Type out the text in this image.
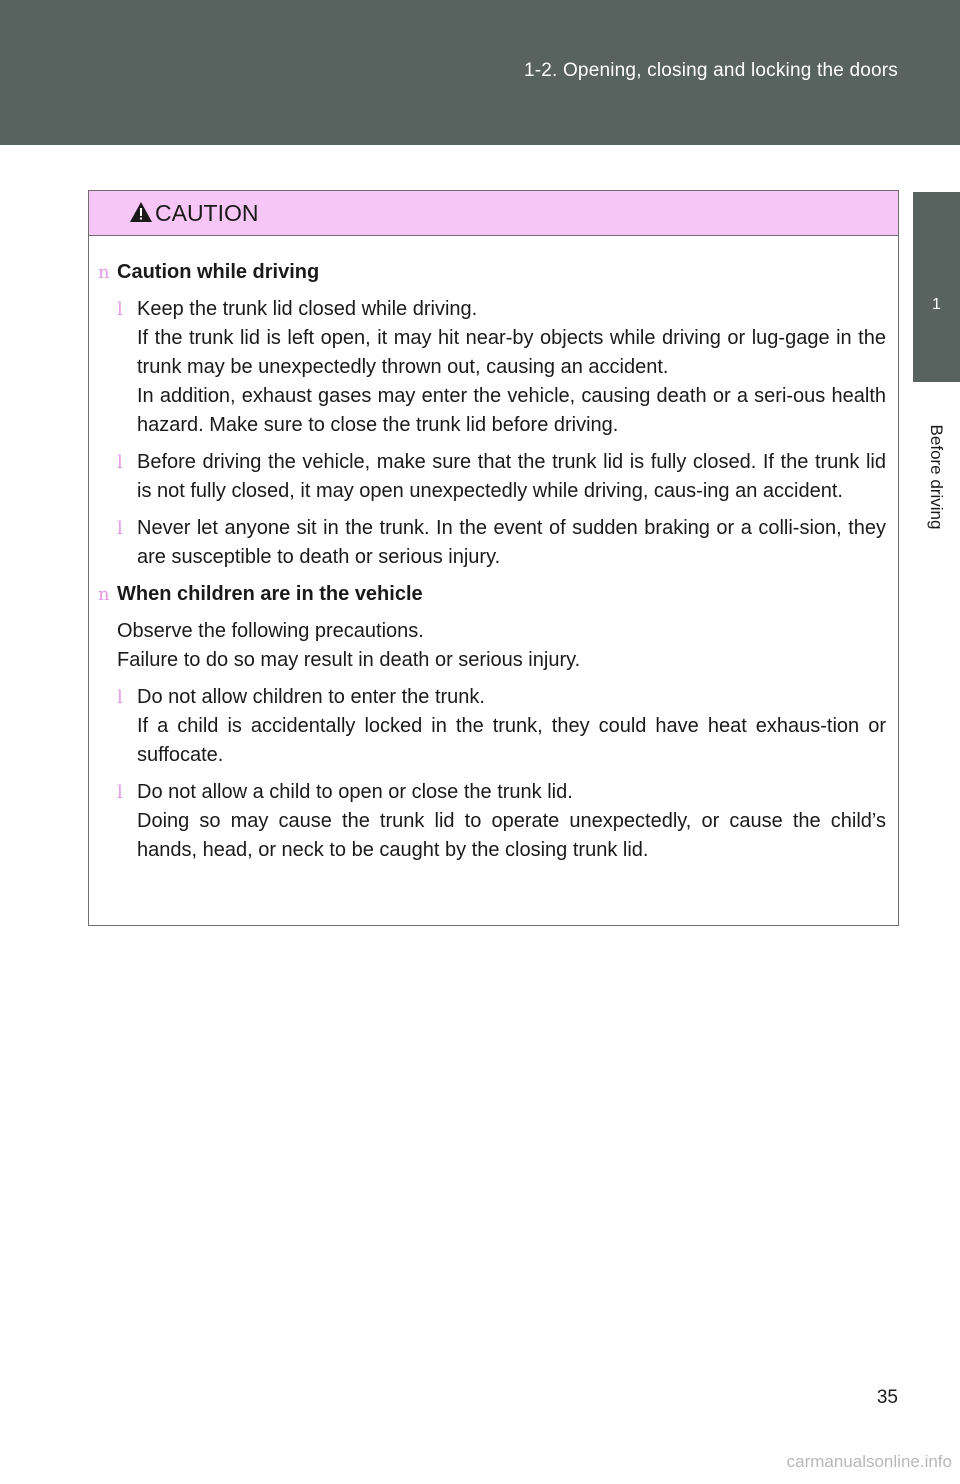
1-2. Opening, closing and locking the doors
1
Before driving
CAUTION
n Caution while driving
l Keep the trunk lid closed while driving.

If the trunk lid is left open, it may hit near-by objects while driving or lug-gage in the trunk may be unexpectedly thrown out, causing an accident.

In addition, exhaust gases may enter the vehicle, causing death or a seri-ous health hazard. Make sure to close the trunk lid before driving.

l Before driving the vehicle, make sure that the trunk lid is fully closed. If the trunk lid is not fully closed, it may open unexpectedly while driving, caus-ing an accident.

l Never let anyone sit in the trunk. In the event of sudden braking or a colli-sion, they are susceptible to death or serious injury.

n When children are in the vehicle

Observe the following precautions.

Failure to do so may result in death or serious injury.

l Do not allow children to enter the trunk.

If a child is accidentally locked in the trunk, they could have heat exhaus-tion or suffocate.

l Do not allow a child to open or close the trunk lid.

Doing so may cause the trunk lid to operate unexpectedly, or cause the child’s hands, head, or neck to be caught by the closing trunk lid.

35
carmanualsonline.info
